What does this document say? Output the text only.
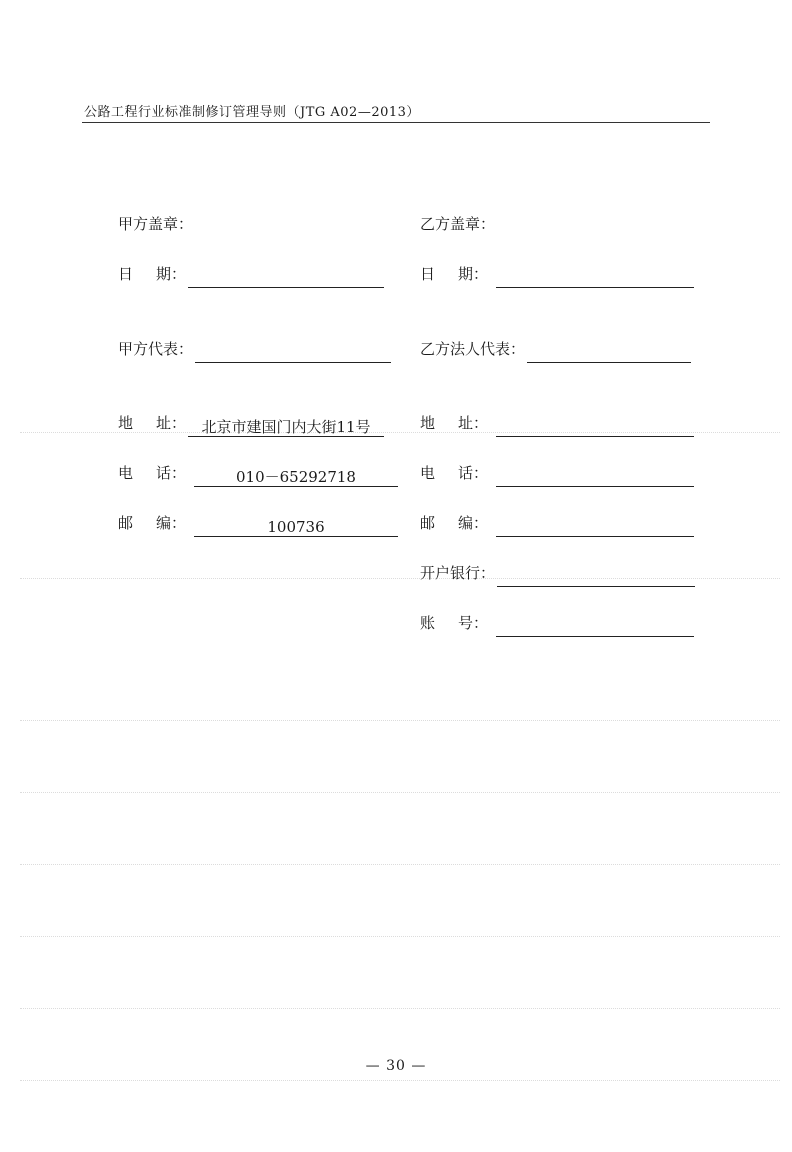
公路工程行业标准制修订管理导则（JTG A02—2013）
甲方盖章：
日 期：
甲方代表：
地 址：	北京市建国门内大街11号
电 话：	010－65292718
邮 编：	100736
乙方盖章：
日 期：
乙方法人代表：
地 址：
电 话：
邮 编：
开户银行：
账 号：
— 30 —
